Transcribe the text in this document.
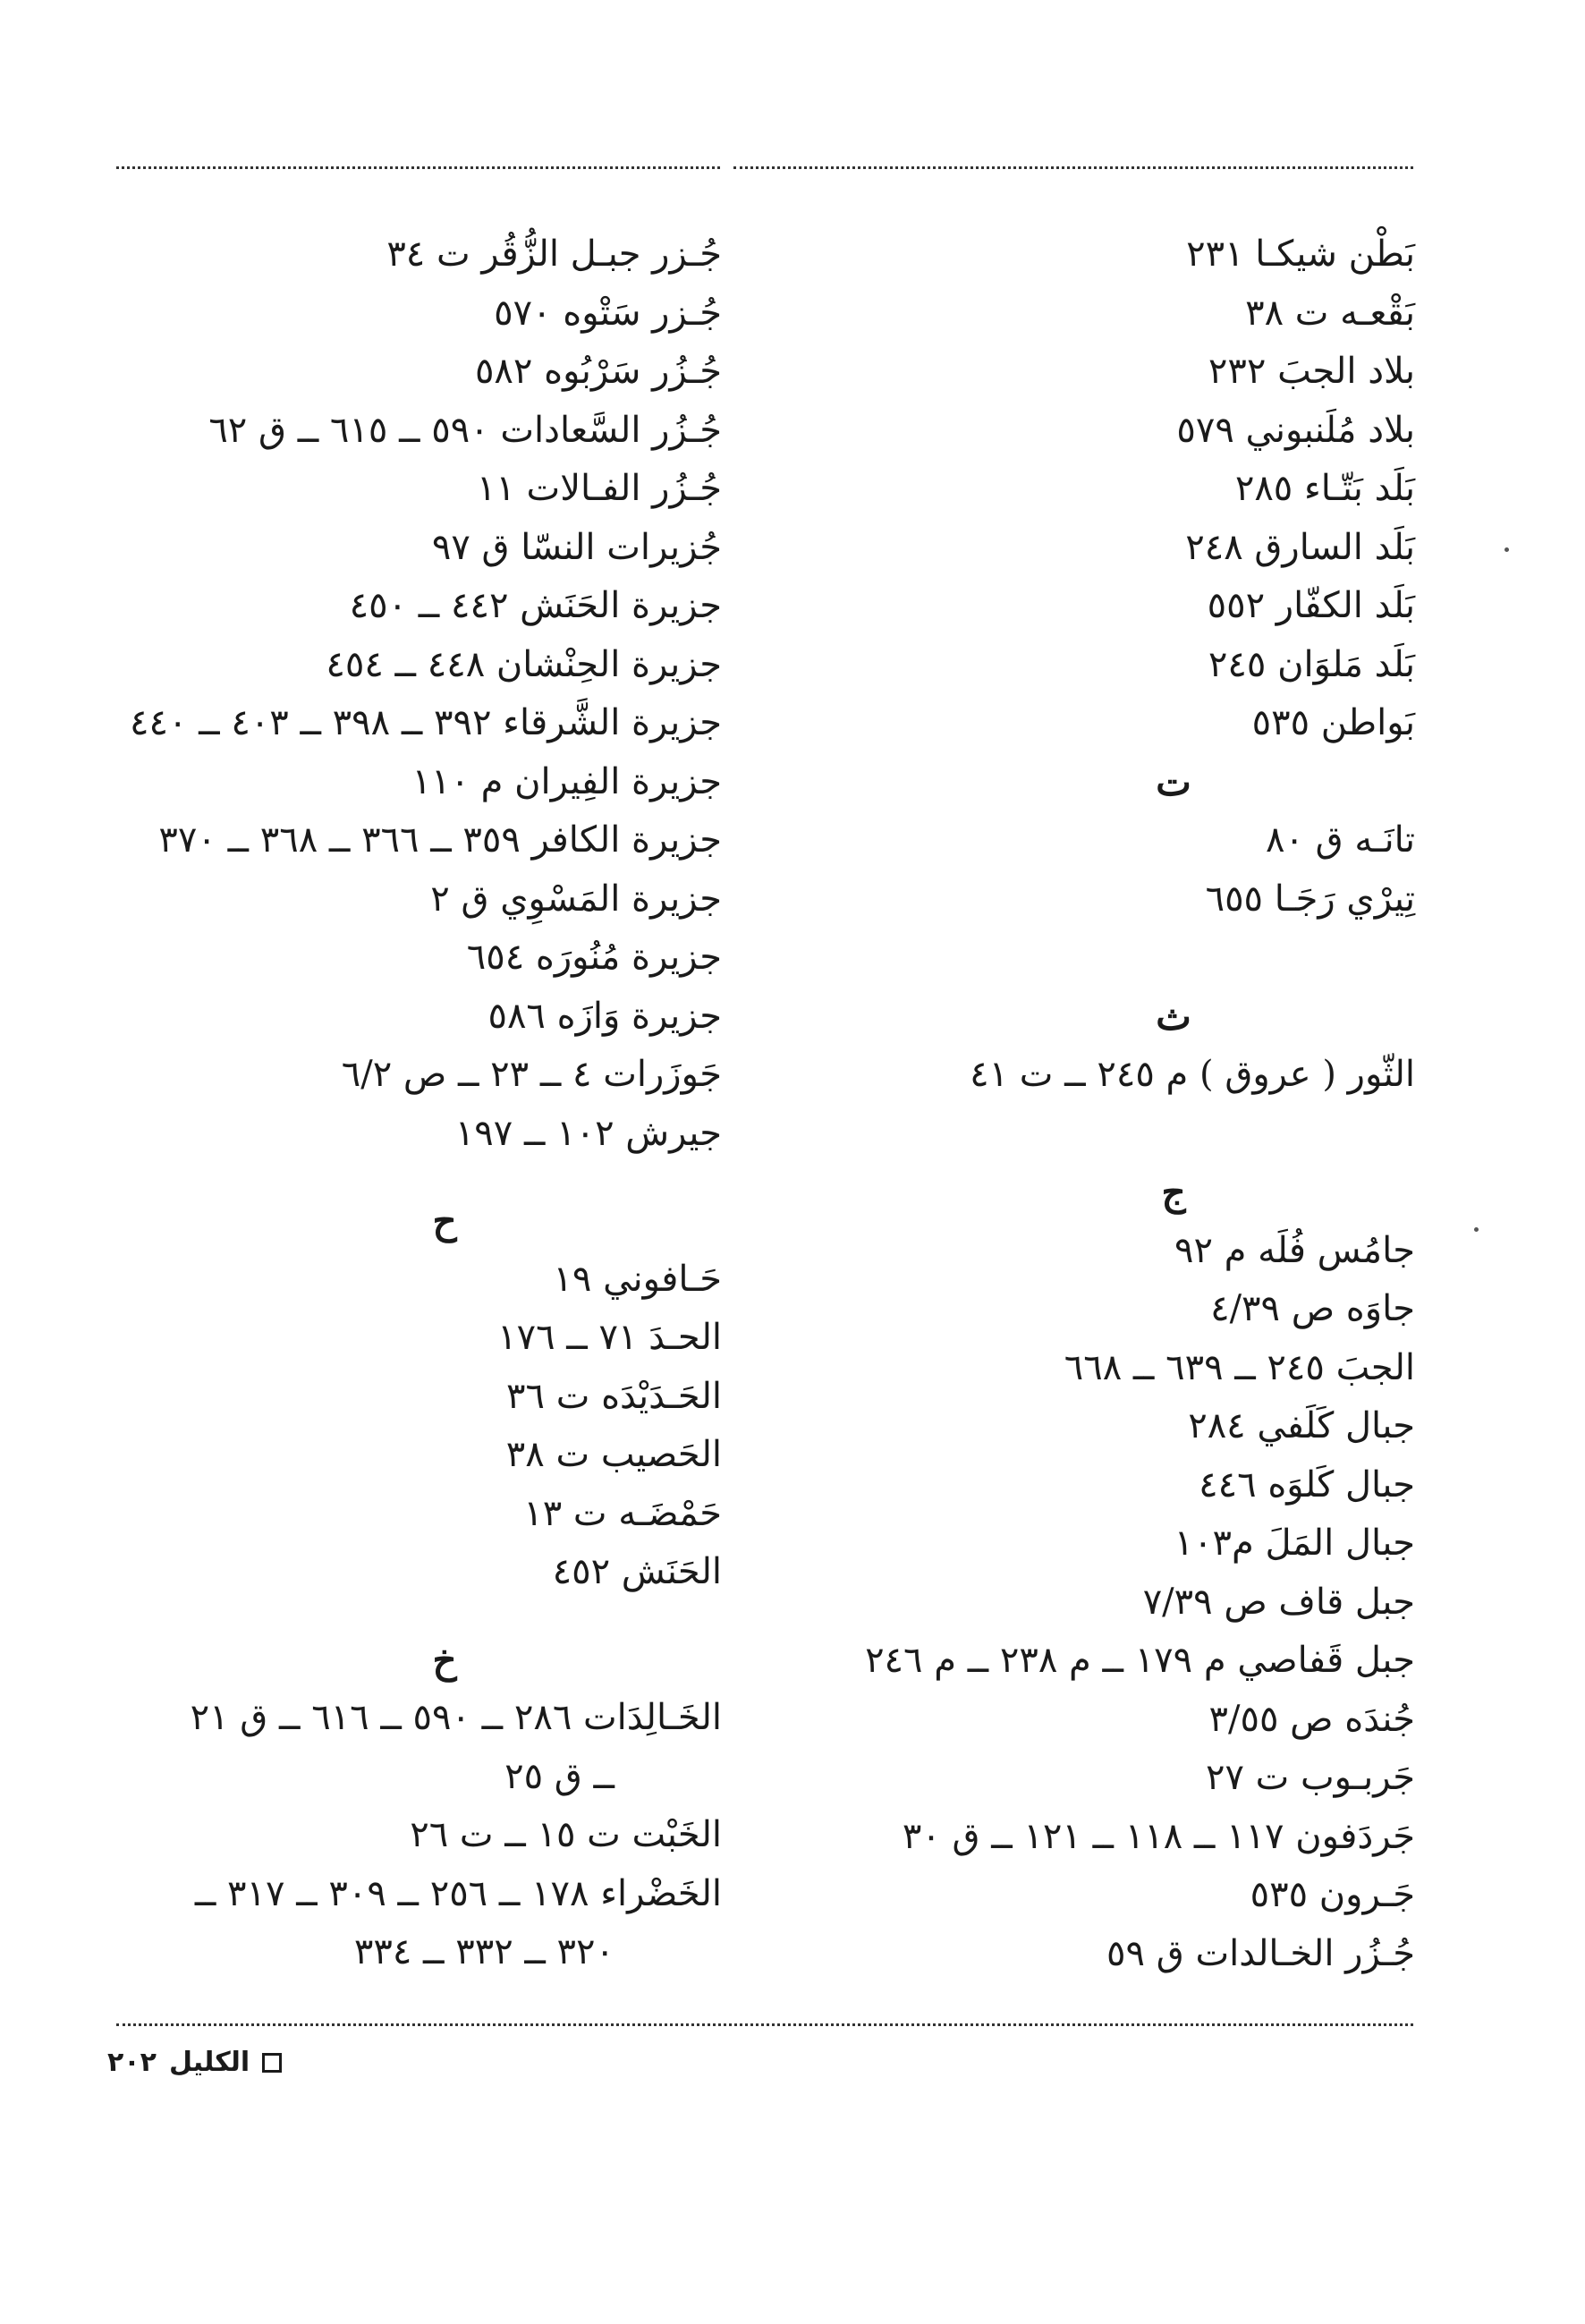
بَطْن شيكـا ٢٣١
بَقْعـه ت ٣٨
بلاد الجبَ ٢٣٢
بلاد مُلَنبوني ٥٧٩
بَلَد بَتّـاء ٢٨٥
بَلَد السارق ٢٤٨
بَلَد الكفّار ٥٥٢
بَلَد مَلوَان ٢٤٥
بَواطن ٥٣٥
ت
تانَـه ق ٨٠
تِيرْي رَجَـا ٦٥٥
ث
الثّور ( عروق ) م ٢٤٥ ــ ت ٤١
ج
جامُس فُلَه م ٩٢
جاوَه ص ٤/٣٩
الجبَ ٢٤٥ ــ ٦٣٩ ــ ٦٦٨
جبال كَلَفي ٢٨٤
جبال كَلوَه ٤٤٦
جبال المَلَ م١٠٣
جبل قاف ص ٧/٣٩
جبل قَفاصي م ١٧٩ ــ م ٢٣٨ ــ م ٢٤٦
جُندَه ص ٣/٥٥
جَربـوب ت ٢٧
جَردَفون ١١٧ ــ ١١٨ ــ ١٢١ ــ ق ٣٠
جَـرون ٥٣٥
جُـزُر الخـالدات ق ٥٩
جُـزر جبـل الزُّقُر ت ٣٤
جُـزر سَتْوه ٥٧٠
جُـزُر سَرْبُوه ٥٨٢
جُـزُر السَّعادات ٥٩٠ ــ ٦١٥ ــ ق ٦٢
جُـزُر الفـالات ١١
جُزيرات النسّا ق ٩٧
جزيرة الحَنَش ٤٤٢ ــ ٤٥٠
جزيرة الحِنْشان ٤٤٨ ــ ٤٥٤
جزيرة الشَّرقاء ٣٩٢ ــ ٣٩٨ ــ ٤٠٣ ــ ٤٤٠
جزيرة الفِيران م ١١٠
جزيرة الكافر ٣٥٩ ــ ٣٦٦ ــ ٣٦٨ ــ ٣٧٠
جزيرة المَسْوِي ق ٢
جزيرة مُنُورَه ٦٥٤
جزيرة وَازَه ٥٨٦
جَوزَرات ٤ ــ ٢٣ ــ ص ٦/٢
جيرش ١٠٢ ــ ١٩٧
ح
حَـافوني ١٩
الحـدَ ٧١ ــ ١٧٦
الحَـدَيْدَه ت ٣٦
الحَصيب ت ٣٨
حَمْضَـه ت ١٣
الحَنَش ٤٥٢
خ
الخَـالِدَات ٢٨٦ ــ ٥٩٠ ــ ٦١٦ ــ ق ٢١
ــ ق ٢٥
الخَبْت ت ١٥ ــ ت ٢٦
الخَضْراء ١٧٨ ــ ٢٥٦ ــ ٣٠٩ ــ ٣١٧ ــ
٣٢٠ ــ ٣٣٢ ــ ٣٣٤
الكليل
٢٠٢
